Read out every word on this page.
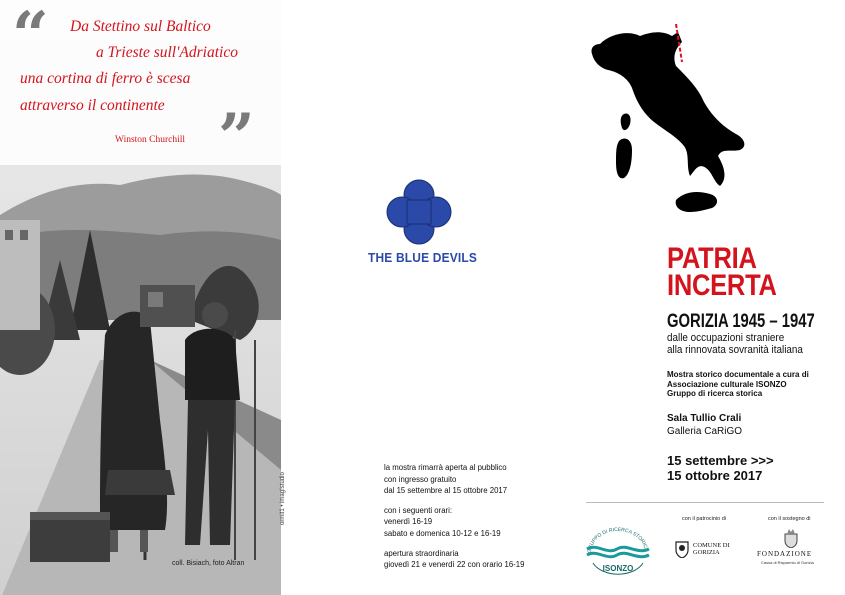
“ Da Stettino sul Baltico
a Trieste sull'Adriatico
una cortina di ferro è scesa
attraverso il continente
Winston Churchill ”
coll. Bisiach, foto Altran
ormit1 • imag!studio
THE BLUE DEVILS
la mostra rimarrà aperta al pubblico
con ingresso gratuito
dal 15 settembre al 15 ottobre 2017
con i seguenti orari:
venerdì 16-19
sabato e domenica 10-12 e 16-19
apertura straordinaria
giovedì 21 e venerdì 22 con orario 16-19
PATRIA
INCERTA
GORIZIA 1945 – 1947
dalle occupazioni straniere
alla rinnovata sovranità italiana
Mostra storico documentale a cura di
Associazione culturale ISONZO
Gruppo di ricerca storica
Sala Tullio Crali
Galleria CaRiGO
15 settembre >>>
15 ottobre 2017
con il patrocinio di	con il sostegno di
GRUPPO DI RICERCA STORICA
ISONZO
COMUNE DI
GORIZIA	FONDAZIONE
Cassa di Risparmio di Gorizia
